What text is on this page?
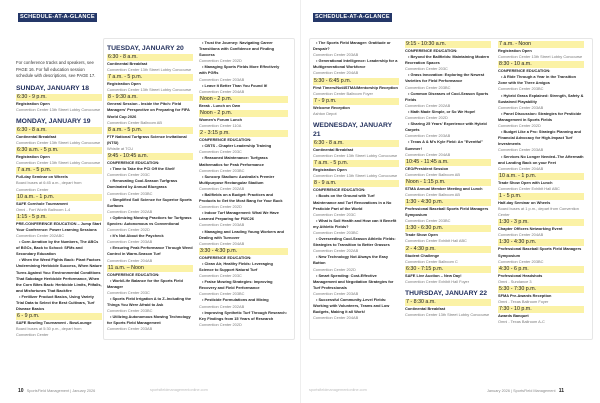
SCHEDULE-AT-A-GLANCE
For conference tracks and speakers, see PAGE 16. For full education session schedule with descriptions, see PAGE 17.
SUNDAY, JANUARY 18
6:30 - 9 p.m.
Registration Open
Convention Center 13th Street Lobby Concourse
MONDAY, JANUARY 19
6:30 - 8 a.m.
Continental Breakfast
Convention Center 13th Street Lobby Concourse
6:30 a.m. - 5 p.m.
Registration Open
Convention Center 13th Street Lobby Concourse
7 a.m. - 5 p.m.
Full-day Seminar on Wheels
Board buses at 6:45 a.m., depart from Convention Center
10 a.m. - 1 p.m.
SAFE Cornhole Tournament
Omni - Fort Worth Ballroom 1-4
1:15 - 5 p.m.
PRE-CONFERENCE EDUCATION – Jump Start Your Conference: Power Learning Sessions
Convention Center 202ABC
• Corn Aeration by the Numbers, The ABCs of BGCs, Back to School: SFMs and Secondary Education
• When the Weed Fights Back: Plant Factors Undermining Herbicide Success, When Nature Turns Against You: Environmental Conditions That Sabotage Herbicide Performance, When the Corn Bites Back: Herbicide Limits, Pitfalls, and Misfortunes That Backfire
• Fertilizer Product Basics, Using Variety Trial Data to Select the Best Cultivars, Turf Disease Basics
6 - 9 p.m.
SAFE Bowling Tournament - BowLounge
Board buses at 5:30 p.m., depart from Convention Center
TUESDAY, JANUARY 20
6:30 - 8 a.m.
Continental Breakfast
Convention Center 13th Street Lobby Concourse
7 a.m. - 5 p.m.
Registration Open
Convention Center 13th Street Lobby Concourse
8 - 9:30 a.m.
General Session - Inside the Pitch: Field Managers' Perspective on Preparing for FIFA World Cup 2026
Convention Center Ballroom AB
8 a.m. - 5 p.m.
FTF National Turfgrass Science Invitational (NTSI)
Whistle at TCU
9:45 - 10:45 a.m.
CONFERENCE EDUCATION:
• Time to Take the PCI Off the Shelf
Convention Center 203C
• Renovating Cool-Season Turfgrass Dominated by Annual Bluegrass
Convention Center 203BC
• Simplified Soil Science for Superior Sports Surfaces
Convention Center 202AB
• Optimizing Mowing Practices for Turfgrass Species: Autonomous vs Conventional
Convention Center 202D
• It's Not About the Paycheck
Convention Center 203AB
• Ensuring Peak Performance Through Weed Control in Warm-Season Turf
Convention Center 204AB
11 a.m. – Noon
CONFERENCE EDUCATION:
• Work/Life Balance for the Sports Field Manager
Convention Center 203C
• Sports Field Irrigation A to Z–Including the Things You Were Afraid to Ask
Convention Center 203BC
• Utilizing Autonomous Mowing Technology for Sports Field Management
Convention Center 203AB
• Trust the Journey: Navigating Career Transitions with Confidence and Finding Success
Convention Center 202D
• Managing Sports Fields More Effectively with PGRs
Convention Center 203AB
• Leave It Better Than You Found It!
Convention Center 204AB
Noon - 2 p.m.
Break - Lunch on Own
Noon - 2 p.m.
Women's Forum Lunch
Convention Center 110A
2 - 3:15 p.m.
CONFERENCE EDUCATION:
• CBTS - Chapter Leadership Training
Convention Center 203C
• Reasoned Maintenance: Turfgrass Mathematics for Peak Performance
Convention Center 203BC
• Suncorp Stadium: Australia's Premier Multipurpose Rectangular Stadium
Convention Center 202AB
• Ballfields on a Budget: Practices and Products to Get the Most Bang for Your Buck
Convention Center 202D
• Indoor Turf Management: What We Have Learned Preparing for FWC26
Convention Center 203AB
• Managing and Leading Young Workers and Dealing with Turnover
Convention Center 204AB
3:30 - 4:30 p.m.
CONFERENCE EDUCATION:
• Clean Air, Healthy Fields: Leveraging Science to Support Natural Turf
Convention Center 203C
• Fraise Mowing Strategies: Improving Recovery and Field Performance
Convention Center 203BC
• Pesticide Formulations and Mixing
Convention Center 202AB
• Improving Synthetic Turf Through Research: Key Findings from 15 Years of Research
Convention Center 202D
10 SportsField Management | January 2026	sportsfieldmanagementonline.com
SCHEDULE-AT-A-GLANCE
• The Sports Field Manager: Gratitude or Despair?
Convention Center 203AB
• Generational Intelligence: Leadership for a Multigenerational Workforce
Convention Center 204AB
5:30 - 6:45 p.m.
First Timers/Not4STMA/Mentorship Reception
Convention Center Ballroom Foyer
7 - 9 p.m.
Welcome Reception
Ashton Depot
WEDNESDAY, JANUARY 21
6:30 - 8 a.m.
Continental Breakfast
Convention Center 13th Street Lobby Concourse
7 a.m. - 5 p.m.
Registration Open
Convention Center 13th Street Lobby Concourse
8 - 9 a.m.
CONFERENCE EDUCATION:
• Boots on the Ground with Turf Maintenance and Turf Renovations in a No Pesticide Part of the World
Convention Center 203C
• What is Soil Health and How can it Benefit my Athletic Fields?
Convention Center 203BC
• Overseeding Cool-Season Athletic Fields: Strategies to Transition to Better Grasses
Convention Center 202AB
• New Technology Not Always the Easy Button
Convention Center 202D
• Smart Spending: Cost-Effective Management and Negotiation Strategies for Turf Professionals
Convention Center 203AB
• Successful Community-Level Fields: Working with Volunteers, Teams and Low Budgets, Making it all Work!
Convention Center 204AB
9:15 - 10:30 a.m.
CONFERENCE EDUCATION:
• Beyond the Ballfields: Maintaining Modern Recreation Spaces
Convention Center 203C
• Grass Innovation: Exploring the Newest Varieties for Field Performance
Convention Center 203BC
• Common Diseases of Cool-Season Sports Fields
Convention Center 202AB
• Math Made Simple, or So We Hope!
Convention Center 202D
• Sharing 25 Years' Experience with Hybrid Carpets
Convention Center 203AB
• Texas A & M's Kyle Field: An "Eventful" Summer!
Convention Center 204AB
10:45 - 11:45 a.m.
CEO/President Session
Convention Center Ballroom AB
Noon - 1:15 p.m.
STMA Annual Member Meeting and Lunch
Convention Center Ballroom AB
1:30 - 4:30 p.m.
Professional Baseball Sports Field Managers Symposium
Convention Center 203BC
1:30 - 6:30 p.m.
Trade Show Open
Convention Center Exhibit Hall ABC
2 - 4:30 p.m.
Student Challenge
Convention Center Ballroom C
6:30 - 7:15 p.m.
SAFE Live Auction – New Day!
Convention Center Exhibit Hall Foyer
THURSDAY, JANUARY 22
7 - 8:30 a.m.
Continental Breakfast
Convention Center 13th Street Lobby Concourse
7 a.m. - Noon
Registration Open
Convention Center 13th Street Lobby Concourse
8:30 - 10 a.m.
CONFERENCE EDUCATION:
• A Ride Through a Year in the Transition Zone with the Three Amigos
Convention Center 203BC
• Hybrid Grass Explained: Strength, Safety & Sustained Playability
Convention Center 203AB
• Panel Discussion: Strategies for Pesticide Management in Sports Fields
Convention Center 202D
• Budget Like a Pro: Strategic Planning and Financial Advocacy for High-Impact Turf Investments
Convention Center 203AB
• Services No Longer Needed–The Aftermath and Landing Back on your Feet
Convention Center 204AB
10 a.m. - 1 p.m.
Trade Show Open with Lunch
Convention Center Exhibit Hall ABC
1 - 5 p.m.
Half-day Seminar on Wheels
Board buses at 1 p.m., depart from Convention Center
1:30 - 3 p.m.
Chapter Officers Networking Event
Convention Center 204AB
1:30 - 4:30 p.m.
Professional Baseball Sports Field Managers Symposium
Convention Center 203BC
4:30 - 6 p.m.
Professional Headshots
Omni - Sundance 3
5:30 - 7:30 p.m.
SFMA Pre-Awards Reception
Omni - Texas Ballroom Foyer
7:30 - 10 p.m.
Awards Banquet
Omni - Texas Ballroom A-C
sportsfieldmanagementonline.com	January 2026 | SportsField Management 11
